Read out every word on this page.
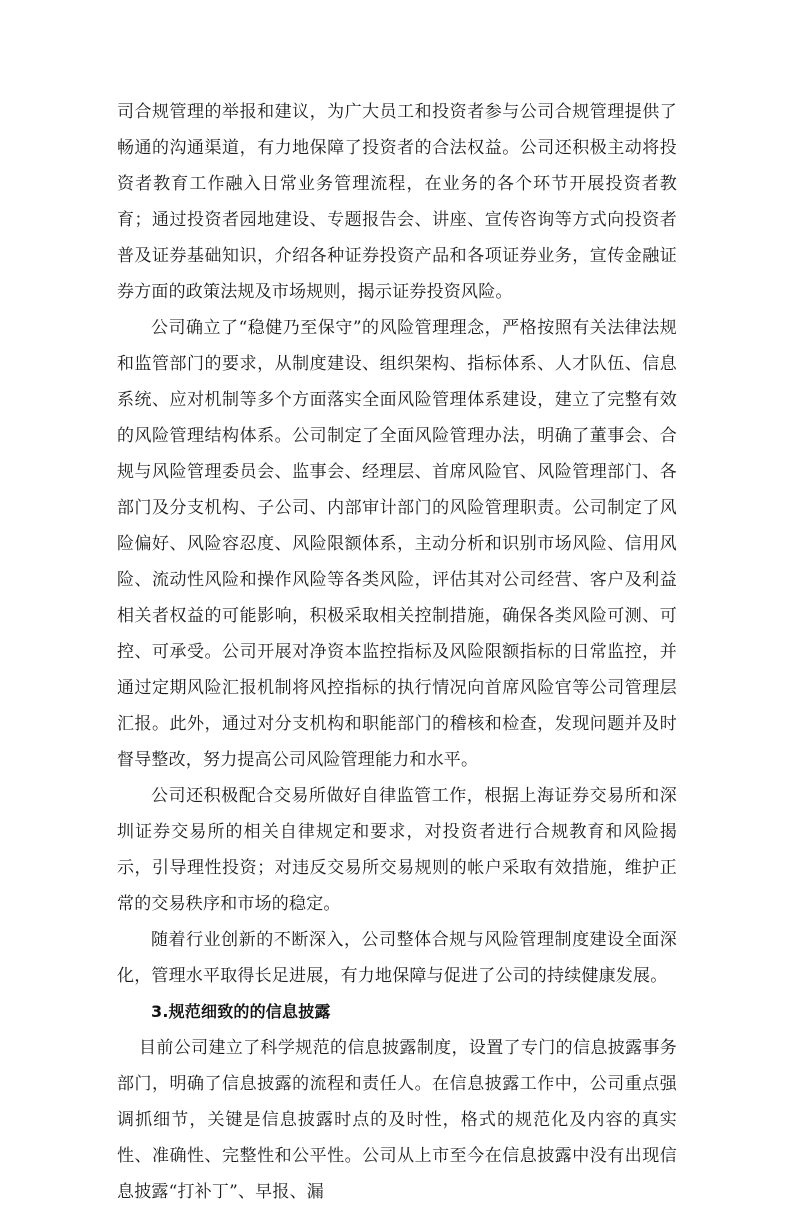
司合规管理的举报和建议，为广大员工和投资者参与公司合规管理提供了畅通的沟通渠道，有力地保障了投资者的合法权益。公司还积极主动将投资者教育工作融入日常业务管理流程，在业务的各个环节开展投资者教育；通过投资者园地建设、专题报告会、讲座、宣传咨询等方式向投资者普及证券基础知识，介绍各种证券投资产品和各项证券业务，宣传金融证券方面的政策法规及市场规则，揭示证券投资风险。

公司确立了“稳健乃至保守”的风险管理理念，严格按照有关法律法规和监管部门的要求，从制度建设、组织架构、指标体系、人才队伍、信息系统、应对机制等多个方面落实全面风险管理体系建设，建立了完整有效的风险管理结构体系。公司制定了全面风险管理办法，明确了董事会、合规与风险管理委员会、监事会、经理层、首席风险官、风险管理部门、各部门及分支机构、子公司、内部审计部门的风险管理职责。公司制定了风险偏好、风险容忍度、风险限额体系，主动分析和识别市场风险、信用风险、流动性风险和操作风险等各类风险，评估其对公司经营、客户及利益相关者权益的可能影响，积极采取相关控制措施，确保各类风险可测、可控、可承受。公司开展对净资本监控指标及风险限额指标的日常监控，并通过定期风险汇报机制将风控指标的执行情况向首席风险官等公司管理层汇报。此外，通过对分支机构和职能部门的稽核和检查，发现问题并及时督导整改，努力提高公司风险管理能力和水平。

公司还积极配合交易所做好自律监管工作，根据上海证券交易所和深圳证券交易所的相关自律规定和要求，对投资者进行合规教育和风险揭示，引导理性投资；对违反交易所交易规则的帐户采取有效措施，维护正常的交易秩序和市场的稳定。

随着行业创新的不断深入，公司整体合规与风险管理制度建设全面深化，管理水平取得长足进展，有力地保障与促进了公司的持续健康发展。

3.规范细致的的信息披露

目前公司建立了科学规范的信息披露制度，设置了专门的信息披露事务部门，明确了信息披露的流程和责任人。在信息披露工作中，公司重点强调抓细节，关键是信息披露时点的及时性，格式的规范化及内容的真实性、准确性、完整性和公平性。公司从上市至今在信息披露中没有出现信息披露“打补丁”、早报、漏
